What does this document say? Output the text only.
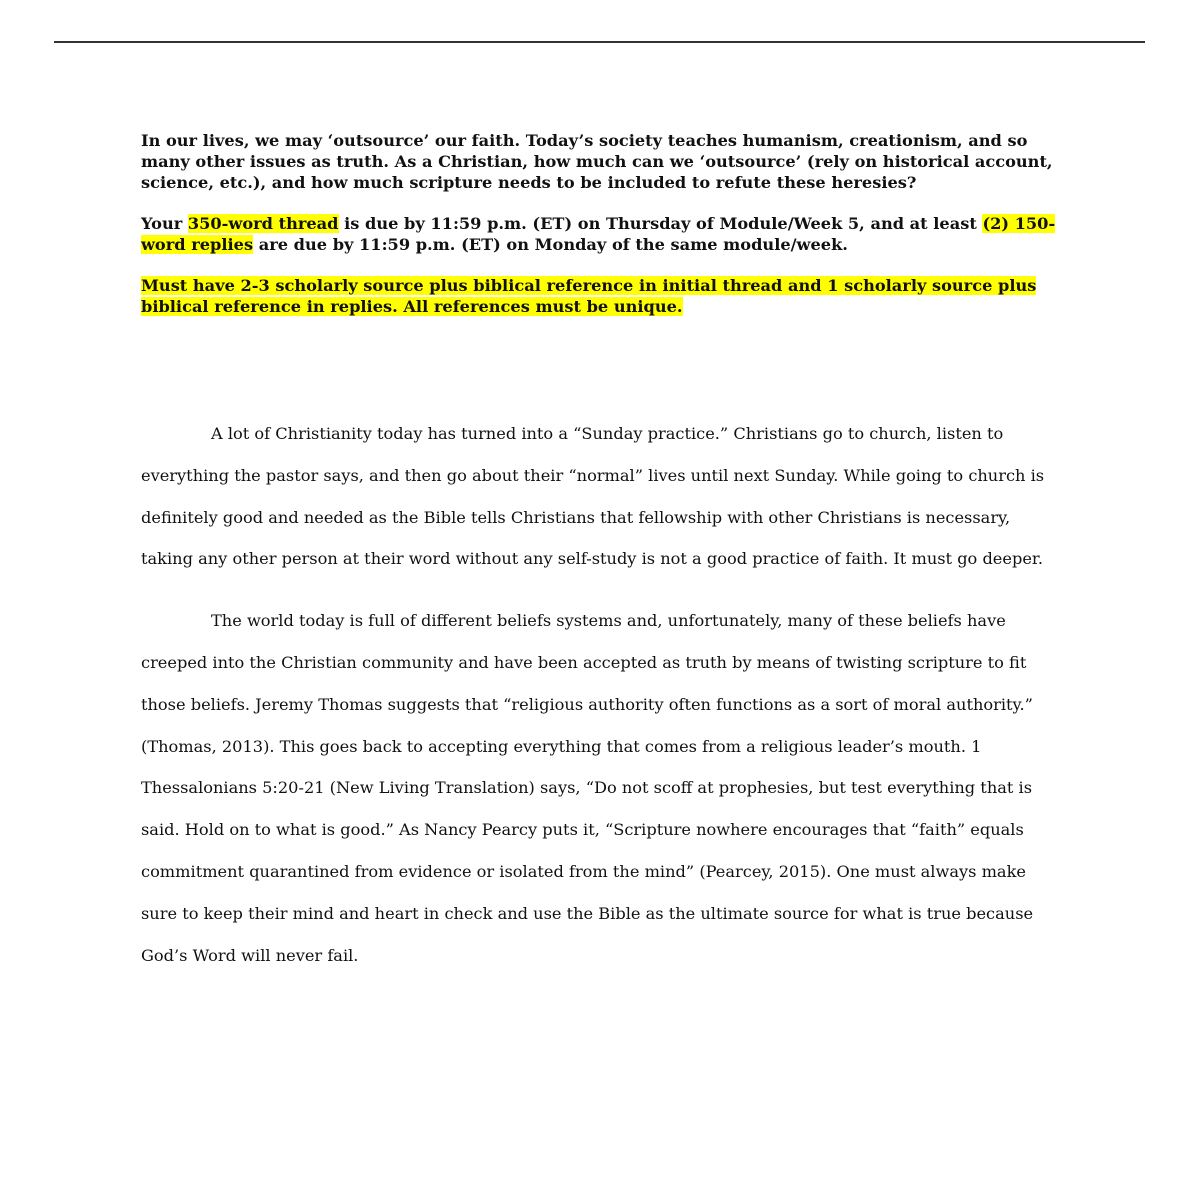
In our lives, we may ‘outsource’ our faith. Today’s society teaches humanism, creationism, and so many other issues as truth. As a Christian, how much can we ‘outsource’ (rely on historical account, science, etc.), and how much scripture needs to be included to refute these heresies?

Your 350-word thread is due by 11:59 p.m. (ET) on Thursday of Module/Week 5, and at least (2) 150-word replies are due by 11:59 p.m. (ET) on Monday of the same module/week.

Must have 2-3 scholarly source plus biblical reference in initial thread and 1 scholarly source plus biblical reference in replies. All references must be unique.

A lot of Christianity today has turned into a “Sunday practice.” Christians go to church, listen to everything the pastor says, and then go about their “normal” lives until next Sunday. While going to church is definitely good and needed as the Bible tells Christians that fellowship with other Christians is necessary, taking any other person at their word without any self-study is not a good practice of faith. It must go deeper.

The world today is full of different beliefs systems and, unfortunately, many of these beliefs have creeped into the Christian community and have been accepted as truth by means of twisting scripture to fit those beliefs. Jeremy Thomas suggests that “religious authority often functions as a sort of moral authority.” (Thomas, 2013). This goes back to accepting everything that comes from a religious leader’s mouth. 1 Thessalonians 5:20-21 (New Living Translation) says, “Do not scoff at prophesies, but test everything that is said. Hold on to what is good.” As Nancy Pearcy puts it, “Scripture nowhere encourages that “faith” equals commitment quarantined from evidence or isolated from the mind” (Pearcey, 2015). One must always make sure to keep their mind and heart in check and use the Bible as the ultimate source for what is true because God’s Word will never fail.
